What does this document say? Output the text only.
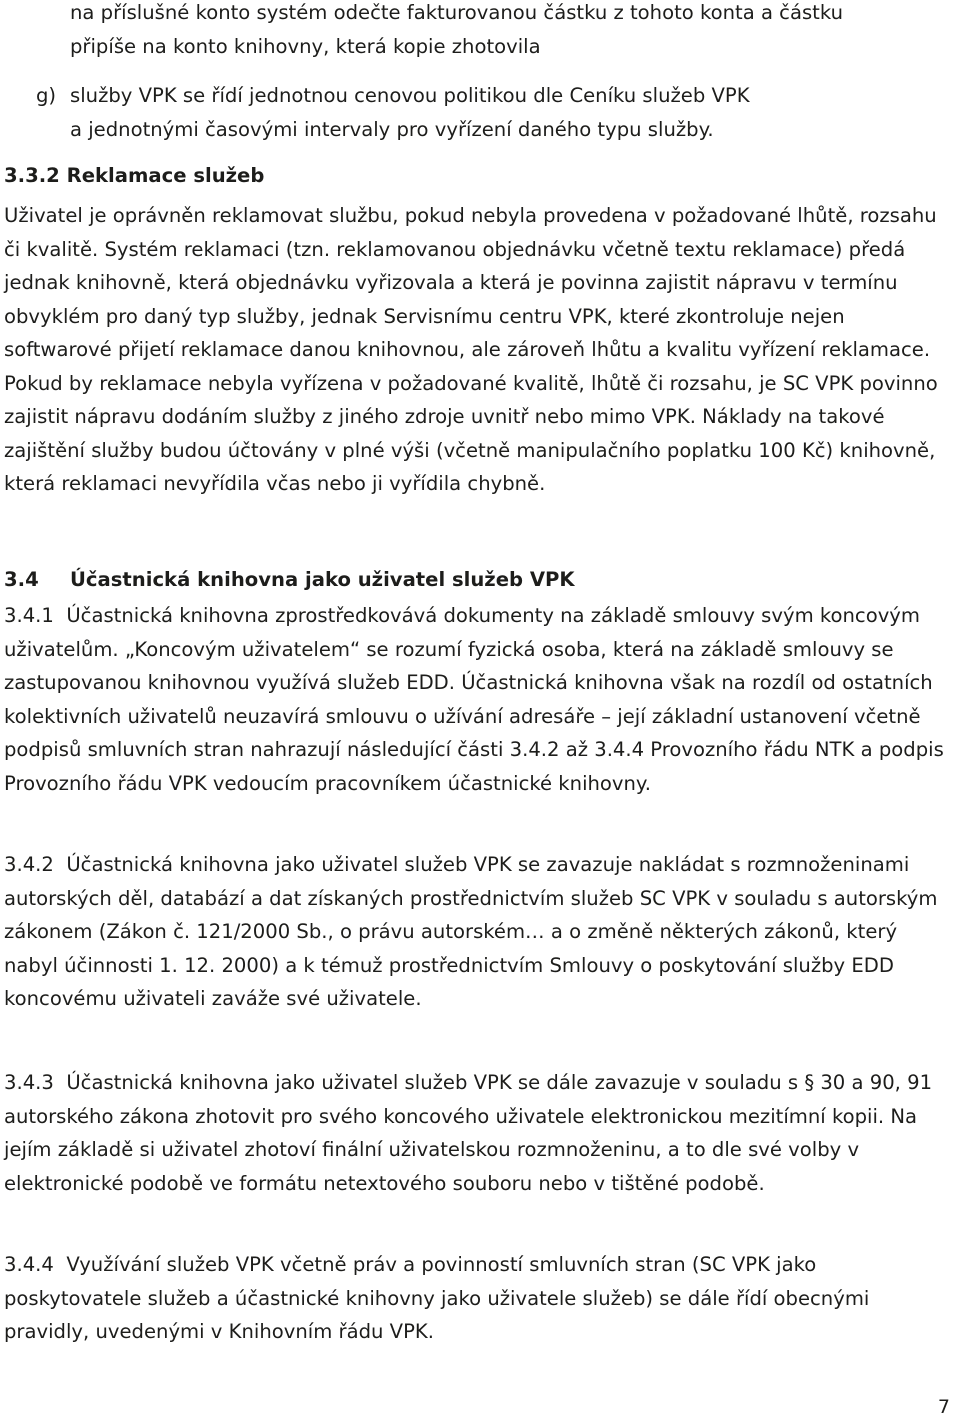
na příslušné konto systém odečte fakturovanou částku z tohoto konta a částku

připíše na konto knihovny, která kopie zhotovila

g) služby VPK se řídí jednotnou cenovou politikou dle Ceníku služeb VPK

a jednotnými časovými intervaly pro vyřízení daného typu služby.

3.3.2 Reklamace služeb

Uživatel je oprávněn reklamovat službu, pokud nebyla provedena v požadované lhůtě, rozsahu či kvalitě. Systém reklamaci (tzn. reklamovanou objednávku včetně textu reklamace) předá jednak knihovně, která objednávku vyřizovala a která je povinna zajistit nápravu v termínu obvyklém pro daný typ služby, jednak Servisnímu centru VPK, které zkontroluje nejen softwarové přijetí reklamace danou knihovnou, ale zároveň lhůtu a kvalitu vyřízení reklamace. Pokud by reklamace nebyla vyřízena v požadované kvalitě, lhůtě či rozsahu, je SC VPK povinno zajistit nápravu dodáním služby z jiného zdroje uvnitř nebo mimo VPK. Náklady na takové zajištění služby budou účtovány v plné výši (včetně manipulačního poplatku 100 Kč) knihovně, která reklamaci nevyřídila včas nebo ji vyřídila chybně.

3.4	Účastnická knihovna jako uživatel služeb VPK

3.4.1 Účastnická knihovna zprostředkovává dokumenty na základě smlouvy svým koncovým uživatelům. „Koncovým uživatelem“ se rozumí fyzická osoba, která na základě smlouvy se zastupovanou knihovnou využívá služeb EDD. Účastnická knihovna však na rozdíl od ostatních kolektivních uživatelů neuzavírá smlouvu o užívání adresáře – její základní ustanovení včetně podpisů smluvních stran nahrazují následující části 3.4.2 až 3.4.4 Provozního řádu NTK a podpis Provozního řádu VPK vedoucím pracovníkem účastnické knihovny.

3.4.2 Účastnická knihovna jako uživatel služeb VPK se zavazuje nakládat s rozmnoženinami autorských děl, databází a dat získaných prostřednictvím služeb SC VPK v souladu s autorským zákonem (Zákon č. 121/2000 Sb., o právu autorském… a o změně některých zákonů, který nabyl účinnosti 1. 12. 2000) a k témuž prostřednictvím Smlouvy o poskytování služby EDD koncovému uživateli zaváže své uživatele.

3.4.3 Účastnická knihovna jako uživatel služeb VPK se dále zavazuje v souladu s § 30 a 90, 91 autorského zákona zhotovit pro svého koncového uživatele elektronickou mezitímní kopii. Na jejím základě si uživatel zhotoví finální uživatelskou rozmnoženinu, a to dle své volby v elektronické podobě ve formátu netextového souboru nebo v tištěné podobě.

3.4.4 Využívání služeb VPK včetně práv a povinností smluvních stran (SC VPK jako poskytovatele služeb a účastnické knihovny jako uživatele služeb) se dále řídí obecnými pravidly, uvedenými v Knihovním řádu VPK.

7
